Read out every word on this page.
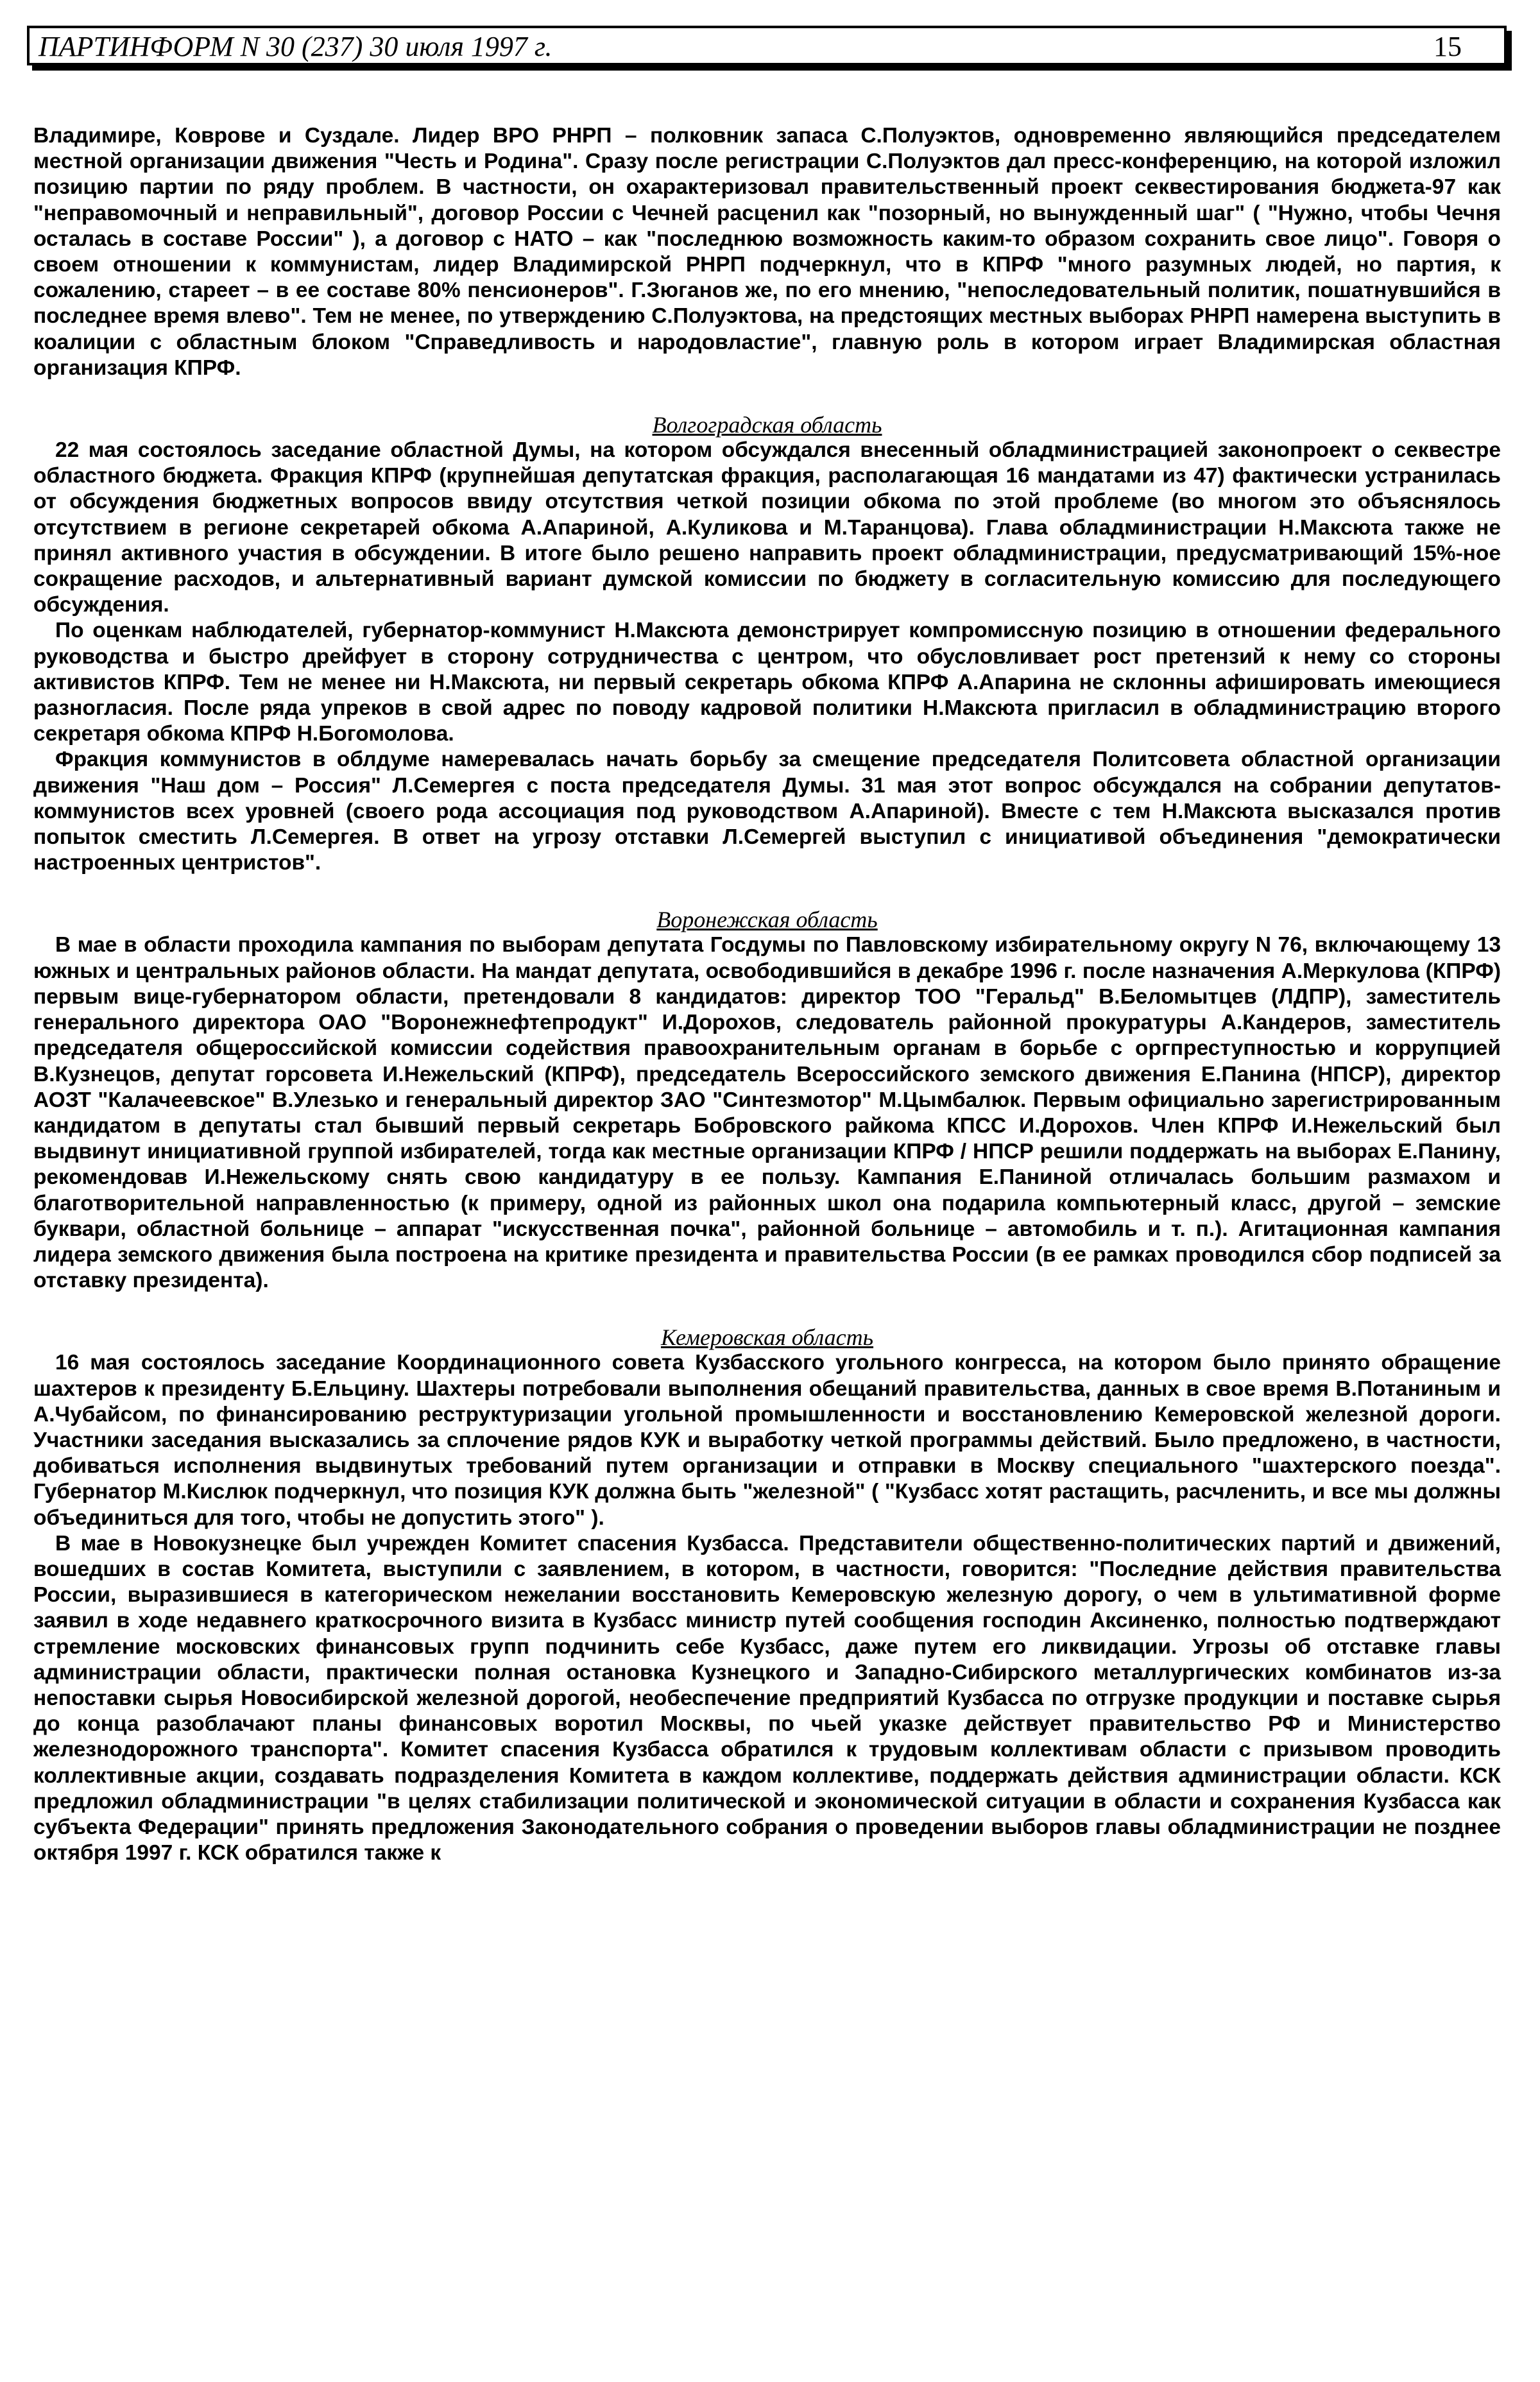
ПАРТИНФОРМ N 30 (237) 30 июля 1997 г.	15

Владимире, Коврове и Суздале. Лидер ВРО РНРП – полковник запаса С.Полуэктов, одновременно являющийся председателем местной организации движения "Честь и Родина". Сразу после регистрации С.Полуэктов дал пресс-конференцию, на которой изложил позицию партии по ряду проблем. В частности, он охарактеризовал правительственный проект секвестирования бюджета-97 как "неправомочный и неправильный", договор России с Чечней расценил как "позорный, но вынужденный шаг" ( "Нужно, чтобы Чечня осталась в составе России" ), а договор с НАТО – как "последнюю возможность каким-то образом сохранить свое лицо". Говоря о своем отношении к коммунистам, лидер Владимирской РНРП подчеркнул, что в КПРФ "много разумных людей, но партия, к сожалению, стареет – в ее составе 80% пенсионеров". Г.Зюганов же, по его мнению, "непоследовательный политик, пошатнувшийся в последнее время влево". Тем не менее, по утверждению С.Полуэктова, на предстоящих местных выборах РНРП намерена выступить в коалиции с областным блоком "Справедливость и народовластие", главную роль в котором играет Владимирская областная организация КПРФ.

Волгоградская область

22 мая состоялось заседание областной Думы, на котором обсуждался внесенный обладминистрацией законопроект о секвестре областного бюджета. Фракция КПРФ (крупнейшая депутатская фракция, располагающая 16 мандатами из 47) фактически устранилась от обсуждения бюджетных вопросов ввиду отсутствия четкой позиции обкома по этой проблеме (во многом это объяснялось отсутствием в регионе секретарей обкома А.Апариной, А.Куликова и М.Таранцова). Глава обладминистрации Н.Максюта также не принял активного участия в обсуждении. В итоге было решено направить проект обладминистрации, предусматривающий 15%-ное сокращение расходов, и альтернативный вариант думской комиссии по бюджету в согласительную комиссию для последующего обсуждения.

По оценкам наблюдателей, губернатор-коммунист Н.Максюта демонстрирует компромиссную позицию в отношении федерального руководства и быстро дрейфует в сторону сотрудничества с центром, что обусловливает рост претензий к нему со стороны активистов КПРФ. Тем не менее ни Н.Максюта, ни первый секретарь обкома КПРФ А.Апарина не склонны афишировать имеющиеся разногласия. После ряда упреков в свой адрес по поводу кадровой политики Н.Максюта пригласил в обладминистрацию второго секретаря обкома КПРФ Н.Богомолова.

Фракция коммунистов в облдуме намеревалась начать борьбу за смещение председателя Политсовета областной организации движения "Наш дом – Россия" Л.Семергея с поста председателя Думы. 31 мая этот вопрос обсуждался на собрании депутатов-коммунистов всех уровней (своего рода ассоциация под руководством А.Апариной). Вместе с тем Н.Максюта высказался против попыток сместить Л.Семергея. В ответ на угрозу отставки Л.Семергей выступил с инициативой объединения "демократически настроенных центристов".

Воронежская область

В мае в области проходила кампания по выборам депутата Госдумы по Павловскому избирательному округу N 76, включающему 13 южных и центральных районов области. На мандат депутата, освободившийся в декабре 1996 г. после назначения А.Меркулова (КПРФ) первым вице-губернатором области, претендовали 8 кандидатов: директор ТОО "Геральд" В.Беломытцев (ЛДПР), заместитель генерального директора ОАО "Воронежнефтепродукт" И.Дорохов, следователь районной прокуратуры А.Кандеров, заместитель председателя общероссийской комиссии содействия правоохранительным органам в борьбе с оргпреступностью и коррупцией В.Кузнецов, депутат горсовета И.Нежельский (КПРФ), председатель Всероссийского земского движения Е.Панина (НПСР), директор АОЗТ "Калачеевское" В.Улезько и генеральный директор ЗАО "Синтезмотор" М.Цымбалюк. Первым официально зарегистрированным кандидатом в депутаты стал бывший первый секретарь Бобровского райкома КПСС И.Дорохов. Член КПРФ И.Нежельский был выдвинут инициативной группой избирателей, тогда как местные организации КПРФ / НПСР решили поддержать на выборах Е.Панину, рекомендовав И.Нежельскому снять свою кандидатуру в ее пользу. Кампания Е.Паниной отличалась большим размахом и благотворительной направленностью (к примеру, одной из районных школ она подарила компьютерный класс, другой – земские буквари, областной больнице – аппарат "искусственная почка", районной больнице – автомобиль и т. п.). Агитационная кампания лидера земского движения была построена на критике президента и правительства России (в ее рамках проводился сбор подписей за отставку президента).

Кемеровская область

16 мая состоялось заседание Координационного совета Кузбасского угольного конгресса, на котором было принято обращение шахтеров к президенту Б.Ельцину. Шахтеры потребовали выполнения обещаний правительства, данных в свое время В.Потаниным и А.Чубайсом, по финансированию реструктуризации угольной промышленности и восстановлению Кемеровской железной дороги. Участники заседания высказались за сплочение рядов КУК и выработку четкой программы действий. Было предложено, в частности, добиваться исполнения выдвинутых требований путем организации и отправки в Москву специального "шахтерского поезда". Губернатор М.Кислюк подчеркнул, что позиция КУК должна быть "железной" ( "Кузбасс хотят растащить, расчленить, и все мы должны объединиться для того, чтобы не допустить этого" ).

В мае в Новокузнецке был учрежден Комитет спасения Кузбасса. Представители общественно-политических партий и движений, вошедших в состав Комитета, выступили с заявлением, в котором, в частности, говорится: "Последние действия правительства России, выразившиеся в категорическом нежелании восстановить Кемеровскую железную дорогу, о чем в ультимативной форме заявил в ходе недавнего краткосрочного визита в Кузбасс министр путей сообщения господин Аксиненко, полностью подтверждают стремление московских финансовых групп подчинить себе Кузбасс, даже путем его ликвидации. Угрозы об отставке главы администрации области, практически полная остановка Кузнецкого и Западно-Сибирского металлургических комбинатов из-за непоставки сырья Новосибирской железной дорогой, необеспечение предприятий Кузбасса по отгрузке продукции и поставке сырья до конца разоблачают планы финансовых воротил Москвы, по чьей указке действует правительство РФ и Министерство железнодорожного транспорта". Комитет спасения Кузбасса обратился к трудовым коллективам области с призывом проводить коллективные акции, создавать подразделения Комитета в каждом коллективе, поддержать действия администрации области. КСК предложил обладминистрации "в целях стабилизации политической и экономической ситуации в области и сохранения Кузбасса как субъекта Федерации" принять предложения Законодательного собрания о проведении выборов главы обладминистрации не позднее октября 1997 г. КСК обратился также к
